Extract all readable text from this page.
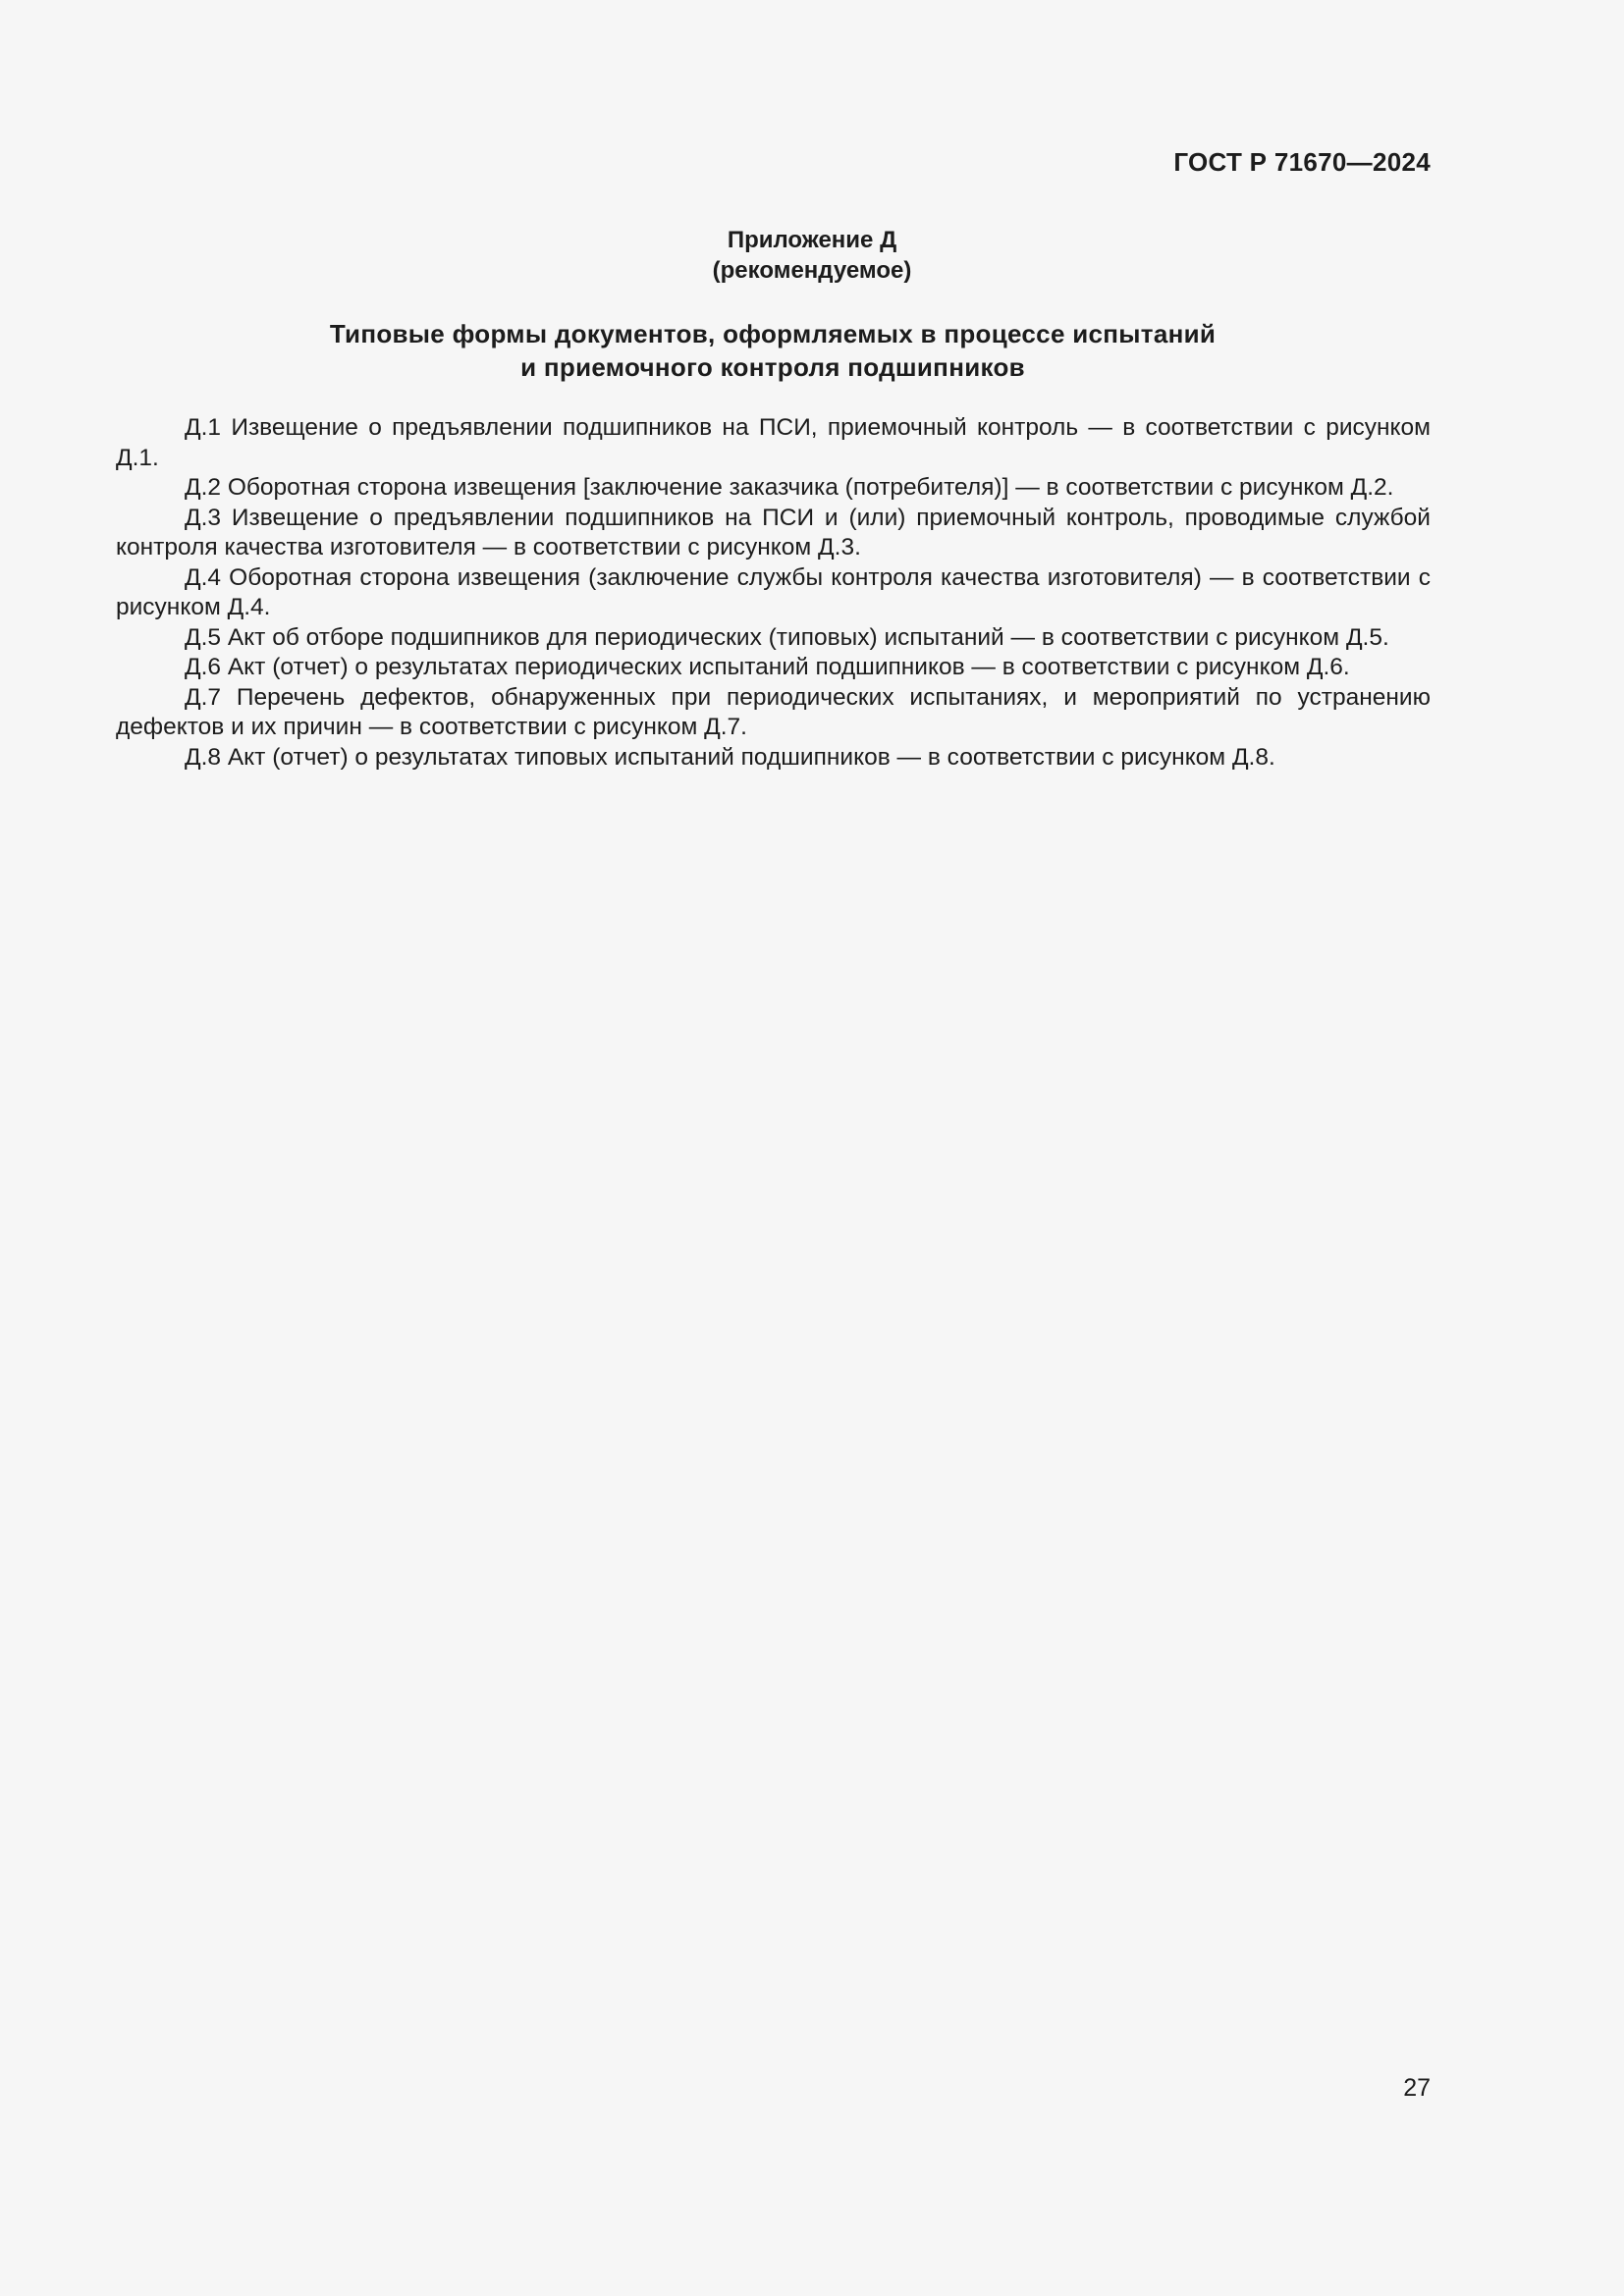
ГОСТ Р 71670—2024
Приложение Д
(рекомендуемое)
Типовые формы документов, оформляемых в процессе испытаний
и приемочного контроля подшипников

Д.1 Извещение о предъявлении подшипников на ПСИ, приемочный контроль — в соответствии с рисунком Д.1.

Д.2 Оборотная сторона извещения [заключение заказчика (потребителя)] — в соответствии с рисунком Д.2.

Д.3 Извещение о предъявлении подшипников на ПСИ и (или) приемочный контроль, проводимые службой контроля качества изготовителя — в соответствии с рисунком Д.3.

Д.4 Оборотная сторона извещения (заключение службы контроля качества изготовителя) — в соответствии с рисунком Д.4.

Д.5 Акт об отборе подшипников для периодических (типовых) испытаний — в соответствии с рисунком Д.5.

Д.6 Акт (отчет) о результатах периодических испытаний подшипников — в соответствии с рисунком Д.6.

Д.7 Перечень дефектов, обнаруженных при периодических испытаниях, и мероприятий по устранению дефектов и их причин — в соответствии с рисунком Д.7.

Д.8 Акт (отчет) о результатах типовых испытаний подшипников — в соответствии с рисунком Д.8.

27
